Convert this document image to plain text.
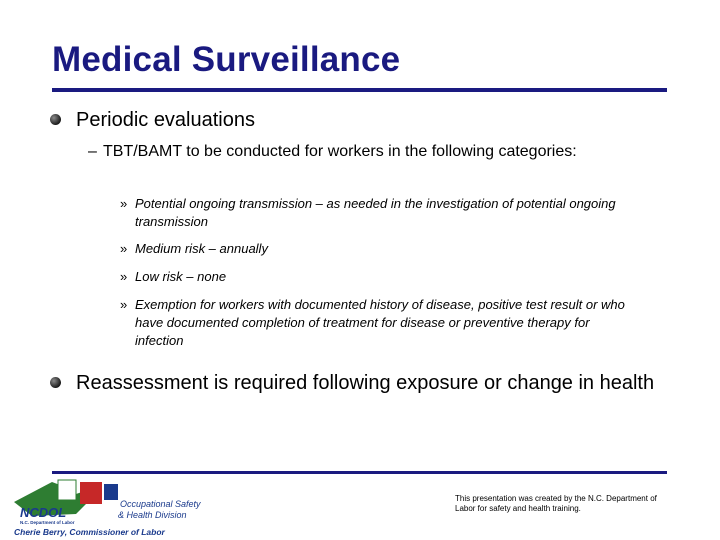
Medical Surveillance
Periodic evaluations
– TBT/BAMT to be conducted for workers in the following categories:
» Potential ongoing transmission – as needed in the investigation of potential ongoing transmission
» Medium risk – annually
» Low risk – none
» Exemption for workers with documented history of disease, positive test result or who have documented completion of treatment for disease or preventive therapy for infection
Reassessment is required following exposure or change in health
NCDOL
N.C. Department of Labor
Occupational Safety
& Health Division
Cherie Berry, Commissioner of Labor
This presentation was created by the N.C. Department of Labor for safety and health training.
